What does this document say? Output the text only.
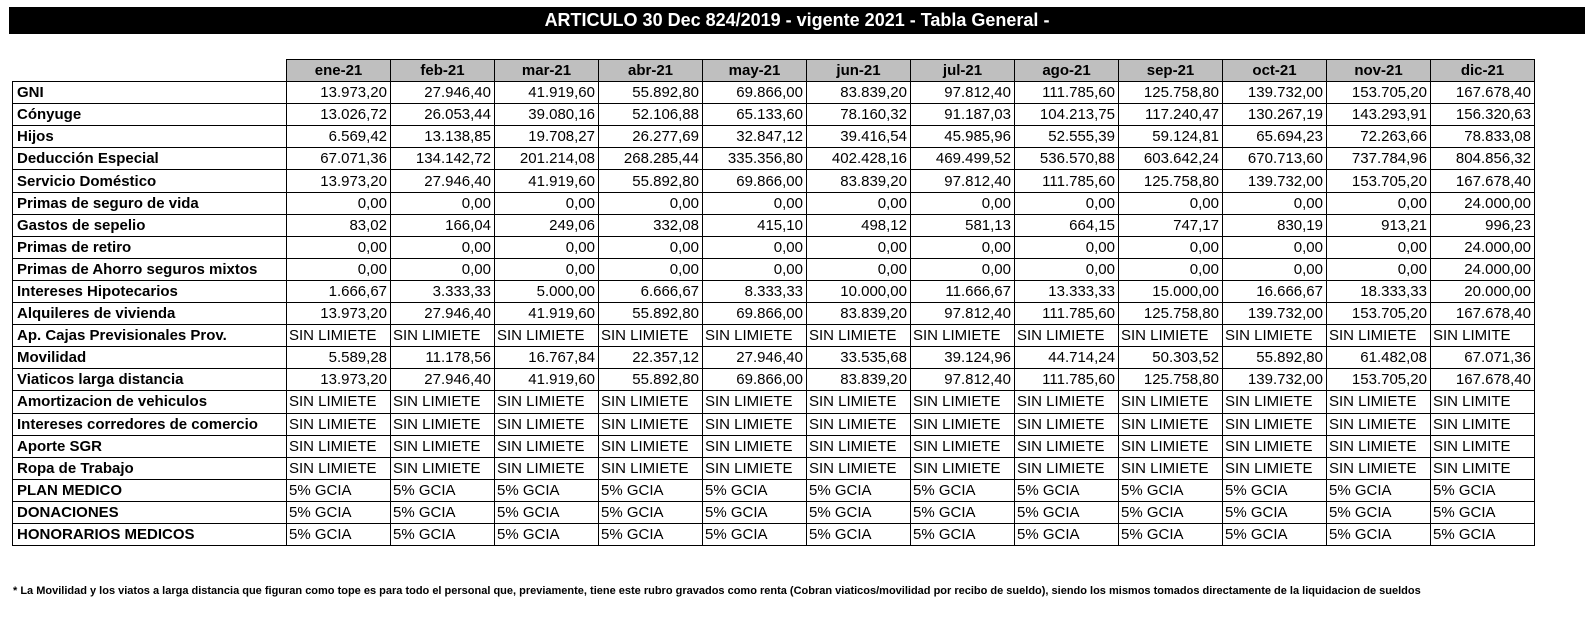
ARTICULO 30 Dec 824/2019 - vigente 2021 - Tabla General -
	ene-21	feb-21	mar-21	abr-21	may-21	jun-21	jul-21	ago-21	sep-21	oct-21	nov-21	dic-21
GNI	13.973,20	27.946,40	41.919,60	55.892,80	69.866,00	83.839,20	97.812,40	111.785,60	125.758,80	139.732,00	153.705,20	167.678,40
Cónyuge	13.026,72	26.053,44	39.080,16	52.106,88	65.133,60	78.160,32	91.187,03	104.213,75	117.240,47	130.267,19	143.293,91	156.320,63
Hijos	6.569,42	13.138,85	19.708,27	26.277,69	32.847,12	39.416,54	45.985,96	52.555,39	59.124,81	65.694,23	72.263,66	78.833,08
Deducción Especial	67.071,36	134.142,72	201.214,08	268.285,44	335.356,80	402.428,16	469.499,52	536.570,88	603.642,24	670.713,60	737.784,96	804.856,32
Servicio Doméstico	13.973,20	27.946,40	41.919,60	55.892,80	69.866,00	83.839,20	97.812,40	111.785,60	125.758,80	139.732,00	153.705,20	167.678,40
Primas de seguro de vida	0,00	0,00	0,00	0,00	0,00	0,00	0,00	0,00	0,00	0,00	0,00	24.000,00
Gastos de sepelio	83,02	166,04	249,06	332,08	415,10	498,12	581,13	664,15	747,17	830,19	913,21	996,23
Primas de retiro	0,00	0,00	0,00	0,00	0,00	0,00	0,00	0,00	0,00	0,00	0,00	24.000,00
Primas de Ahorro seguros mixtos	0,00	0,00	0,00	0,00	0,00	0,00	0,00	0,00	0,00	0,00	0,00	24.000,00
Intereses Hipotecarios	1.666,67	3.333,33	5.000,00	6.666,67	8.333,33	10.000,00	11.666,67	13.333,33	15.000,00	16.666,67	18.333,33	20.000,00
Alquileres de vivienda	13.973,20	27.946,40	41.919,60	55.892,80	69.866,00	83.839,20	97.812,40	111.785,60	125.758,80	139.732,00	153.705,20	167.678,40
Ap. Cajas Previsionales Prov.	SIN LIMIETE	SIN LIMIETE	SIN LIMIETE	SIN LIMIETE	SIN LIMIETE	SIN LIMIETE	SIN LIMIETE	SIN LIMIETE	SIN LIMIETE	SIN LIMIETE	SIN LIMIETE	SIN LIMITE
Movilidad	5.589,28	11.178,56	16.767,84	22.357,12	27.946,40	33.535,68	39.124,96	44.714,24	50.303,52	55.892,80	61.482,08	67.071,36
Viaticos larga distancia	13.973,20	27.946,40	41.919,60	55.892,80	69.866,00	83.839,20	97.812,40	111.785,60	125.758,80	139.732,00	153.705,20	167.678,40
Amortizacion de vehiculos	SIN LIMIETE	SIN LIMIETE	SIN LIMIETE	SIN LIMIETE	SIN LIMIETE	SIN LIMIETE	SIN LIMIETE	SIN LIMIETE	SIN LIMIETE	SIN LIMIETE	SIN LIMIETE	SIN LIMITE
Intereses corredores de comercio	SIN LIMIETE	SIN LIMIETE	SIN LIMIETE	SIN LIMIETE	SIN LIMIETE	SIN LIMIETE	SIN LIMIETE	SIN LIMIETE	SIN LIMIETE	SIN LIMIETE	SIN LIMIETE	SIN LIMITE
Aporte SGR	SIN LIMIETE	SIN LIMIETE	SIN LIMIETE	SIN LIMIETE	SIN LIMIETE	SIN LIMIETE	SIN LIMIETE	SIN LIMIETE	SIN LIMIETE	SIN LIMIETE	SIN LIMIETE	SIN LIMITE
Ropa de Trabajo	SIN LIMIETE	SIN LIMIETE	SIN LIMIETE	SIN LIMIETE	SIN LIMIETE	SIN LIMIETE	SIN LIMIETE	SIN LIMIETE	SIN LIMIETE	SIN LIMIETE	SIN LIMIETE	SIN LIMITE
PLAN MEDICO	5% GCIA	5% GCIA	5% GCIA	5% GCIA	5% GCIA	5% GCIA	5% GCIA	5% GCIA	5% GCIA	5% GCIA	5% GCIA	5% GCIA
DONACIONES	5% GCIA	5% GCIA	5% GCIA	5% GCIA	5% GCIA	5% GCIA	5% GCIA	5% GCIA	5% GCIA	5% GCIA	5% GCIA	5% GCIA
HONORARIOS MEDICOS	5% GCIA	5% GCIA	5% GCIA	5% GCIA	5% GCIA	5% GCIA	5% GCIA	5% GCIA	5% GCIA	5% GCIA	5% GCIA	5% GCIA
* La Movilidad y los viatos a larga distancia que figuran como tope es para todo el personal que, previamente, tiene este rubro gravados como renta (Cobran viaticos/movilidad por recibo de sueldo), siendo los mismos tomados directamente de la liquidacion de sueldos
